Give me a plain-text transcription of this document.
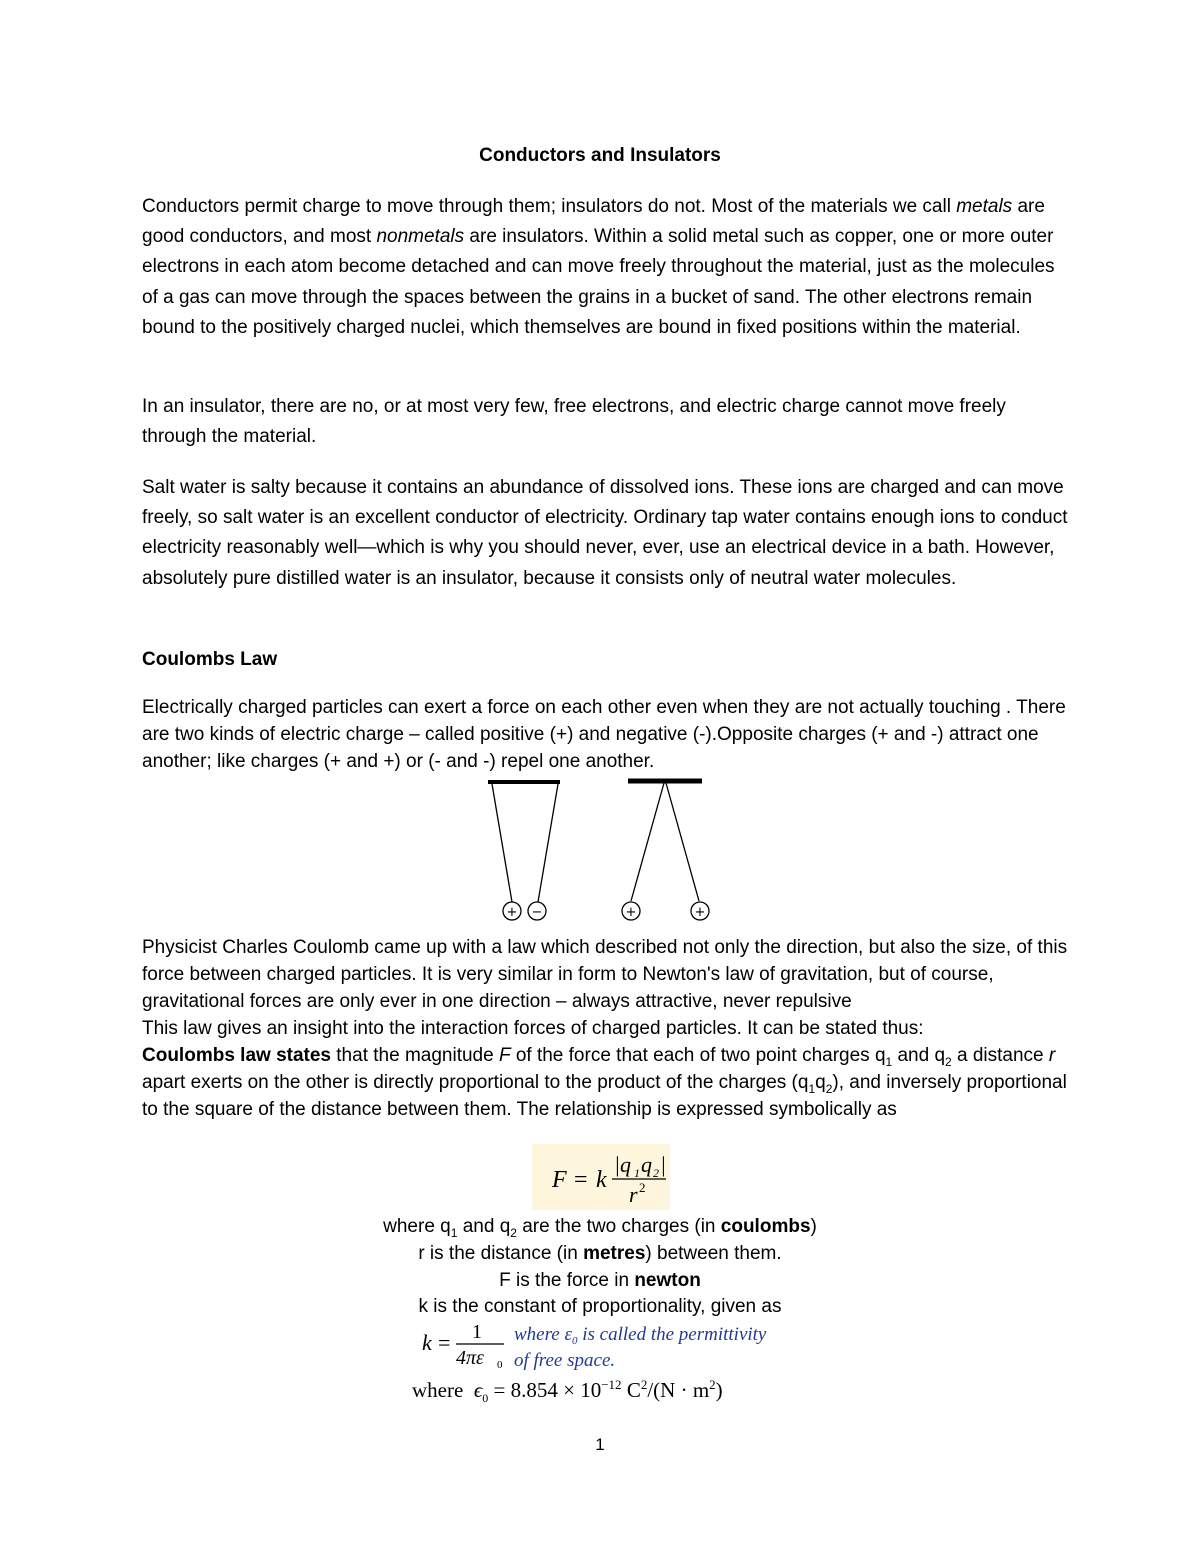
Conductors and Insulators

Conductors permit charge to move through them; insulators do not. Most of the materials we call metals are good conductors, and most nonmetals are insulators. Within a solid metal such as copper, one or more outer electrons in each atom become detached and can move freely throughout the material, just as the molecules of a gas can move through the spaces between the grains in a bucket of sand. The other electrons remain bound to the positively charged nuclei, which themselves are bound in fixed positions within the material.

In an insulator, there are no, or at most very few, free electrons, and electric charge cannot move freely through the material.

Salt water is salty because it contains an abundance of dissolved ions. These ions are charged and can move freely, so salt water is an excellent conductor of electricity. Ordinary tap water contains enough ions to conduct electricity reasonably well—which is why you should never, ever, use an electrical device in a bath. However, absolutely pure distilled water is an insulator, because it consists only of neutral water molecules.

Coulombs Law

Electrically charged particles can exert a force on each other even when they are not actually touching . There are two kinds of electric charge – called positive (+) and negative (-).Opposite charges (+ and -) attract one another; like charges (+ and +) or (- and -) repel one another.

+ −	+	+

Physicist Charles Coulomb came up with a law which described not only the direction, but also the size, of this force between charged particles. It is very similar in form to Newton's law of gravitation, but of course, gravitational forces are only ever in one direction – always attractive, never repulsive

This law gives an insight into the interaction forces of charged particles. It can be stated thus:

Coulombs law states that the magnitude F of the force that each of two point charges $q_1$ and $q_2$ a distance r apart exerts on the other is directly proportional to the product of the charges $(q_1q_2)$, and inversely proportional to the square of the distance between them. The relationship is expressed symbolically as

F = k
|q 1 q 2 |
r 2
where $q_1$ and $q_2$ are the two charges (in coulombs)
r is the distance (in metres) between them.
F is the force in newton
k is the constant of proportionality, given as
k = 1
4πε 0
where $\varepsilon_0$ is called the permittivity
of free space.
where $\epsilon_0 = 8.854 \times 10^{-12}$ $C^2/(N \cdot m^2)$
1
